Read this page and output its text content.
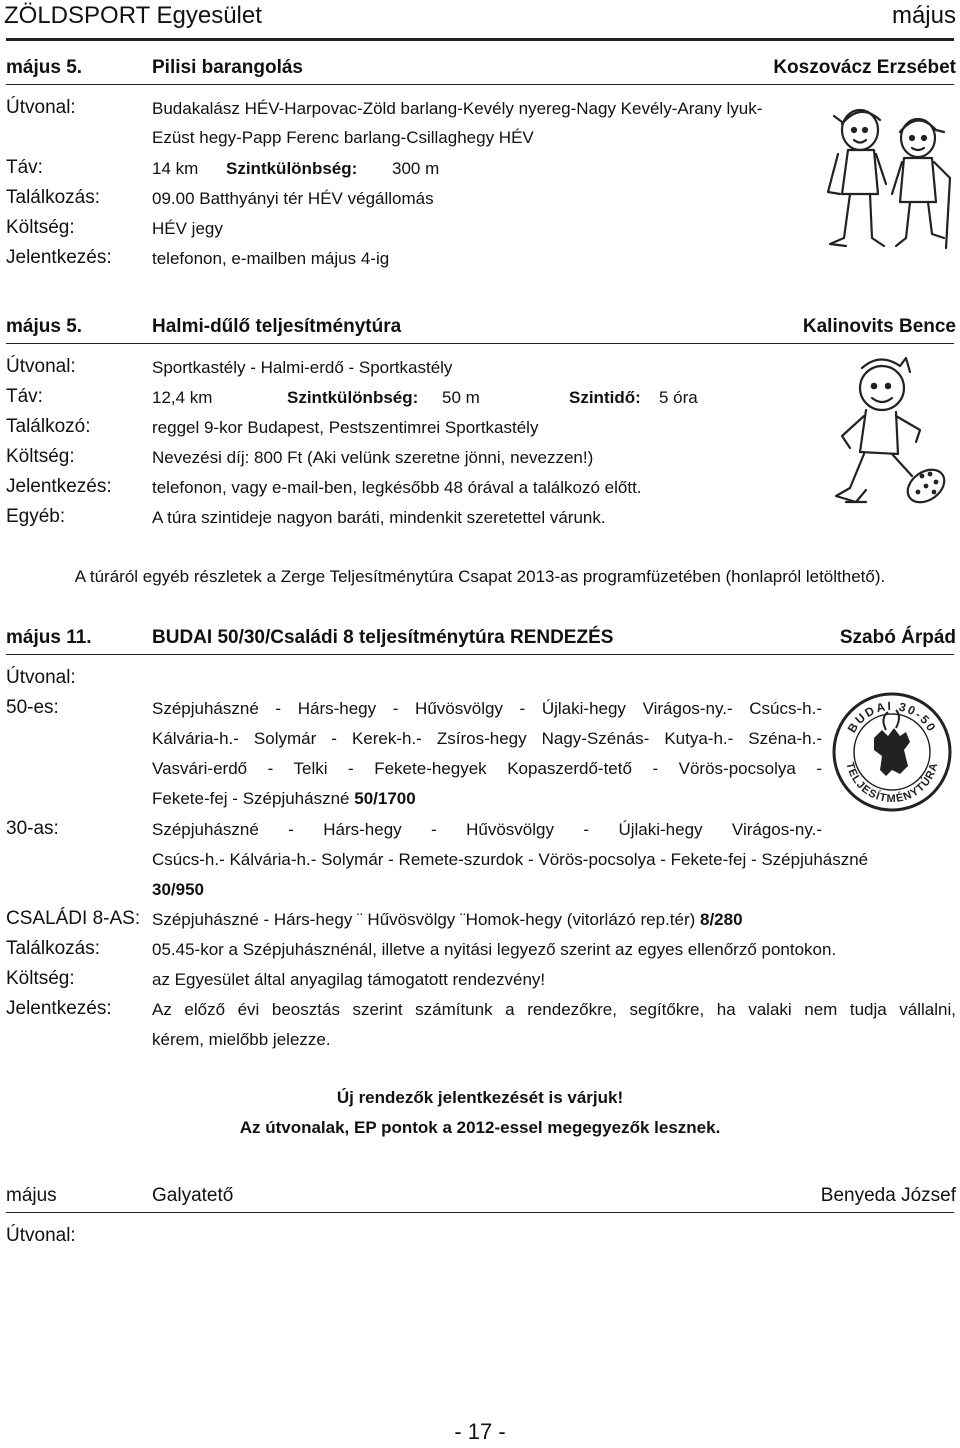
ZÖLDSPORT Egyesület	május
május 5.	Pilisi barangolás	Koszovácz Erzsébet
Útvonal:	Budakalász HÉV-Harpovac-Zöld barlang-Kevély nyereg-Nagy Kevély-Arany lyuk-
Ezüst hegy-Papp Ferenc barlang-Csillaghegy HÉV
Táv:	14 km Szintkülönbség: 300 m
Találkozás:	09.00 Batthyányi tér HÉV végállomás
Költség:	HÉV jegy
Jelentkezés: telefonon, e-mailben május 4-ig
május 5.	Halmi-dűlő teljesítménytúra	Kalinovits Bence
Útvonal:	Sportkastély - Halmi-erdő - Sportkastély
Táv:	12,4 km	Szintkülönbség: 50 m	Szintidő: 5 óra
Találkozó:	reggel 9-kor Budapest, Pestszentimrei Sportkastély
Költség:	Nevezési díj: 800 Ft (Aki velünk szeretne jönni, nevezzen!)
Jelentkezés: telefonon, vagy e-mail-ben, legkésőbb 48 órával a találkozó előtt.
Egyéb:	A túra szintideje nagyon baráti, mindenkit szeretettel várunk.
A túráról egyéb részletek a Zerge Teljesítménytúra Csapat 2013-as programfüzetében (honlapról letölthető).
május 11.	BUDAI 50/30/Családi 8 teljesítménytúra RENDEZÉS	Szabó Árpád
Útvonal:
50-es:	Szépjuhászné - Hárs-hegy - Hűvösvölgy - Újlaki-hegy Virágos-ny.- Csúcs-h.-
Kálvária-h.- Solymár - Kerek-h.- Zsíros-hegy Nagy-Szénás- Kutya-h.- Széna-h.-
Vasvári-erdő - Telki - Fekete-hegyek Kopaszerdő-tető - Vörös-pocsolya -
Fekete-fej - Szépjuhászné 50/1700
30-as:	Szépjuhászné - Hárs-hegy - Hűvösvölgy - Újlaki-hegy Virágos-ny.-
Csúcs-h.- Kálvária-h.- Solymár - Remete-szurdok - Vörös-pocsolya - Fekete-fej - Szépjuhászné
30/950
CSALÁDI 8-AS: Szépjuhászné - Hárs-hegy ¨ Hűvösvölgy ¨Homok-hegy (vitorlázó rep.tér) 8/280
Találkozás:	05.45-kor a Szépjuhásznénál, illetve a nyitási legyező szerint az egyes ellenőrző pontokon.
Költség:	az Egyesület által anyagilag támogatott rendezvény!
Jelentkezés: Az előző évi beosztás szerint számítunk a rendezőkre, segítőkre, ha valaki nem tudja vállalni,
kérem, mielőbb jelezze.
Új rendezők jelentkezését is várjuk!
Az útvonalak, EP pontok a 2012-essel megegyezők lesznek.
BUDAI 30-50
TELJESÍTMÉNYTÚRA
május	Galyatető	Benyeda József
Útvonal:
- 17 -
